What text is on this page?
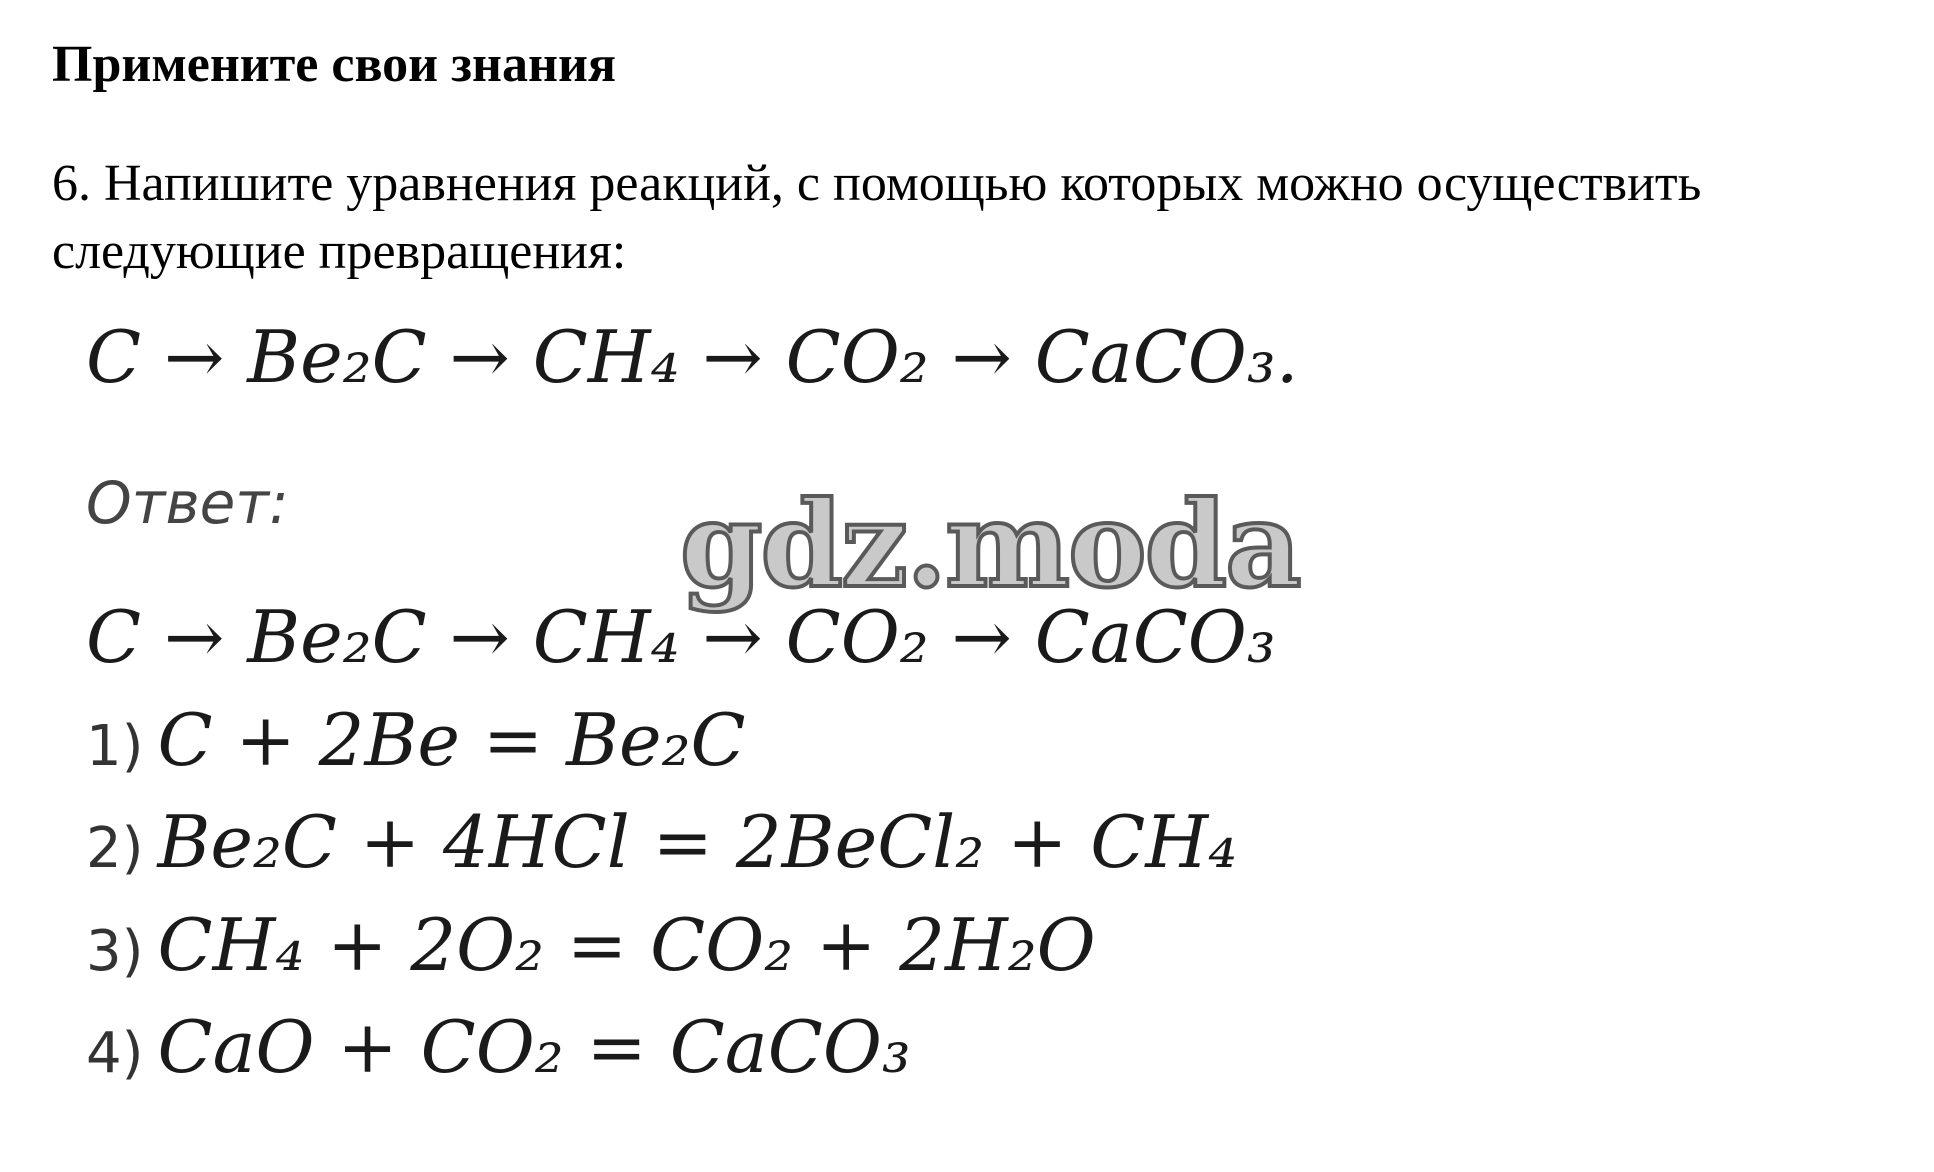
Примените свои знания
6. Напишите уравнения реакций, с помощью которых можно осуществить
следующие превращения:
C → Be₂C → CH₄ → CO₂ → CaCO₃.
Ответ:	gdz.moda
C → Be₂C → CH₄ → CO₂ → CaCO₃
1) C + 2Be = Be₂C
2) Be₂C + 4HCl = 2BeCl₂ + CH₄
3) CH₄ + 2O₂ = CO₂ + 2H₂O
4) CaO + CO₂ = CaCO₃
